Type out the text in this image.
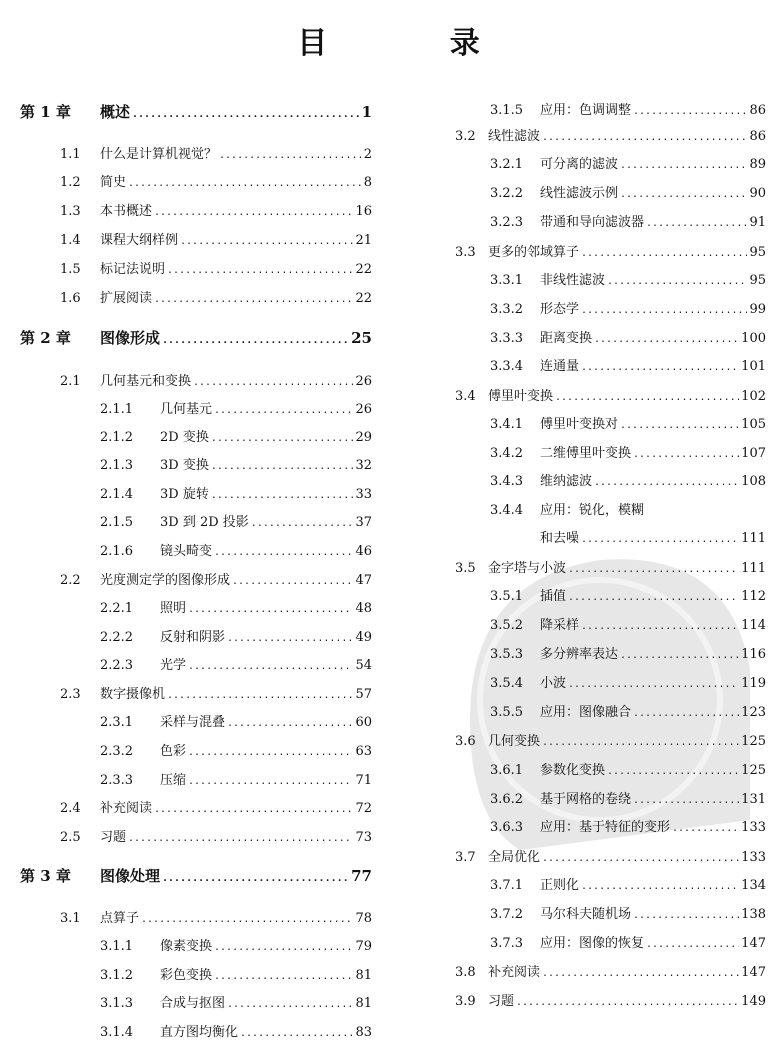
目 录
第 1 章	概述 .....	1
1.1	什么是计算机视觉？ .....	2
1.2	简史 .....	8
1.3	本书概述 .....	16
1.4	课程大纲样例 .....	21
1.5	标记法说明 .....	22
1.6	扩展阅读 .....	22
第 2 章	图像形成 .....	25
2.1	几何基元和变换 .....	26
2.1.1	几何基元 .....	26
2.1.2	2D 变换 .....	29
2.1.3	3D 变换 .....	32
2.1.4	3D 旋转 .....	33
2.1.5	3D 到 2D 投影 .....	37
2.1.6	镜头畸变 .....	46
2.2	光度测定学的图像形成 .....	47
2.2.1	照明 .....	48
2.2.2	反射和阴影 .....	49
2.2.3	光学 .....	54
2.3	数字摄像机 .....	57
2.3.1	采样与混叠 .....	60
2.3.2	色彩 .....	63
2.3.3	压缩 .....	71
2.4	补充阅读 .....	72
2.5	习题 .....	73
第 3 章	图像处理 .....	77
3.1	点算子 .....	78
3.1.1	像素变换 .....	79
3.1.2	彩色变换 .....	81
3.1.3	合成与抠图 .....	81
3.1.4	直方图均衡化 .....	83
3.1.5	应用：色调调整 .....	86
3.2 线性滤波 .....	86
3.2.1	可分离的滤波 .....	89
3.2.2	线性滤波示例 .....	90
3.2.3	带通和导向滤波器 .....	91
3.3 更多的邻域算子 .....	95
3.3.1	非线性滤波 .....	95
3.3.2	形态学 .....	99
3.3.3	距离变换 .....	100
3.3.4	连通量 .....	101
3.4 傅里叶变换 .....	102
3.4.1	傅里叶变换对 .....	105
3.4.2	二维傅里叶变换 .....	107
3.4.3	维纳滤波 .....	108
3.4.4	应用：锐化，模糊
和去噪 .....	111
3.5 金字塔与小波 .....	111
3.5.1	插值 .....	112
3.5.2	降采样 .....	114
3.5.3	多分辨率表达 .....	116
3.5.4	小波 .....	119
3.5.5	应用：图像融合 .....	123
3.6 几何变换 .....	125
3.6.1	参数化变换 .....	125
3.6.2	基于网格的卷绕 .....	131
3.6.3	应用：基于特征的变形 .....	133
3.7 全局优化 .....	133
3.7.1	正则化 .....	134
3.7.2	马尔科夫随机场 .....	138
3.7.3	应用：图像的恢复 .....	147
3.8 补充阅读 .....	147
3.9 习题 .....	149
